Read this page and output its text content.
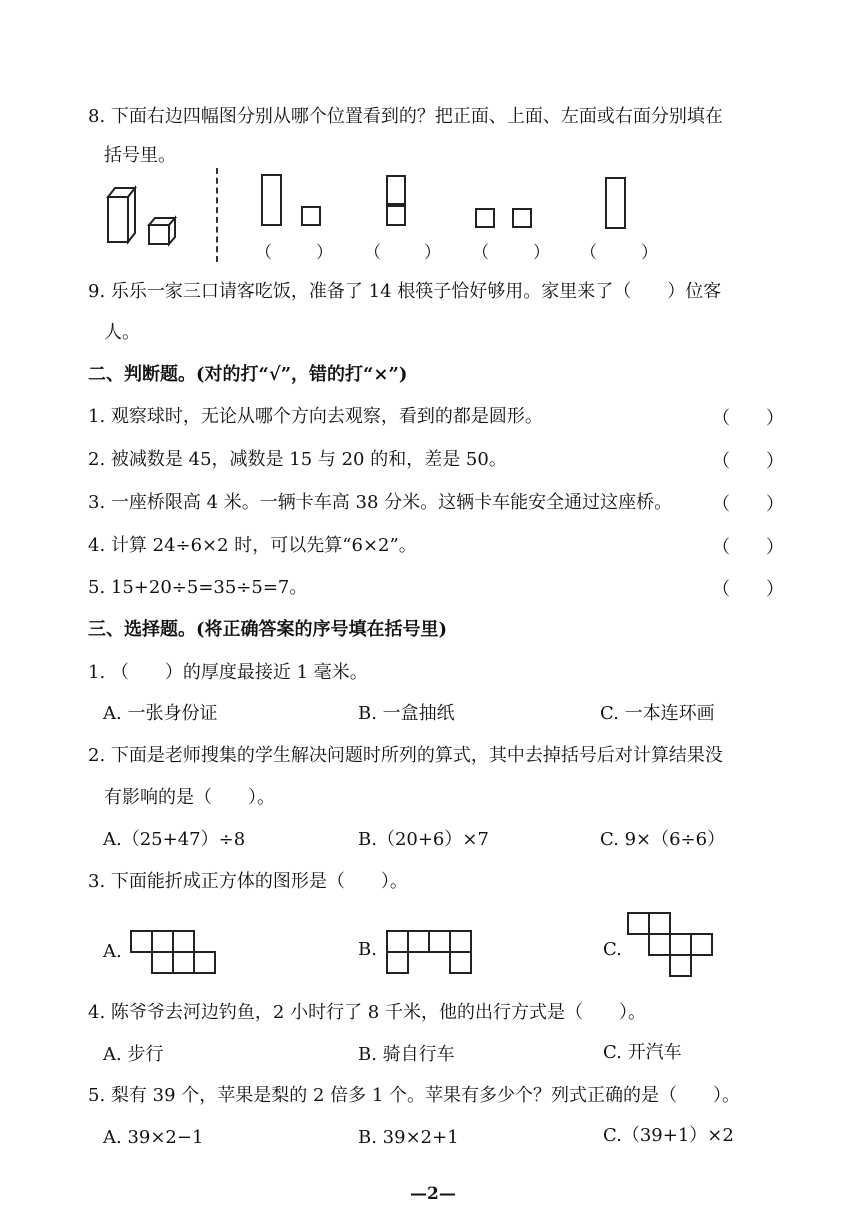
8. 下面右边四幅图分别从哪个位置看到的？把正面、上面、左面或右面分别填在
括号里。
（	） （	） （	） （	）
9. 乐乐一家三口请客吃饭，准备了 14 根筷子恰好够用。家里来了（　　）位客
人。
二、判断题。(对的打“√”，错的打“×”)
1. 观察球时，无论从哪个方向去观察，看到的都是圆形。	（　　）
2. 被减数是 45，减数是 15 与 20 的和，差是 50。	（　　）
3. 一座桥限高 4 米。一辆卡车高 38 分米。这辆卡车能安全通过这座桥。 （　　）
4. 计算 24÷6×2 时，可以先算“6×2”。	（　　）
5. 15+20÷5=35÷5=7。	（　　）
三、选择题。(将正确答案的序号填在括号里)
1. （　　）的厚度最接近 1 毫米。
A. 一张身份证	B. 一盒抽纸	C. 一本连环画
2. 下面是老师搜集的学生解决问题时所列的算式，其中去掉括号后对计算结果没
有影响的是（　　）。
A.（25+47）÷8	B.（20+6）×7	C. 9×（6÷6）
3. 下面能折成正方体的图形是（　　）。
A.	B.	C.
4. 陈爷爷去河边钓鱼，2 小时行了 8 千米，他的出行方式是（　　）。
A. 步行	B. 骑自行车	C. 开汽车
5. 梨有 39 个，苹果是梨的 2 倍多 1 个。苹果有多少个？列式正确的是（　　）。
A. 39×2−1	B. 39×2+1	C.（39+1）×2
—2—
